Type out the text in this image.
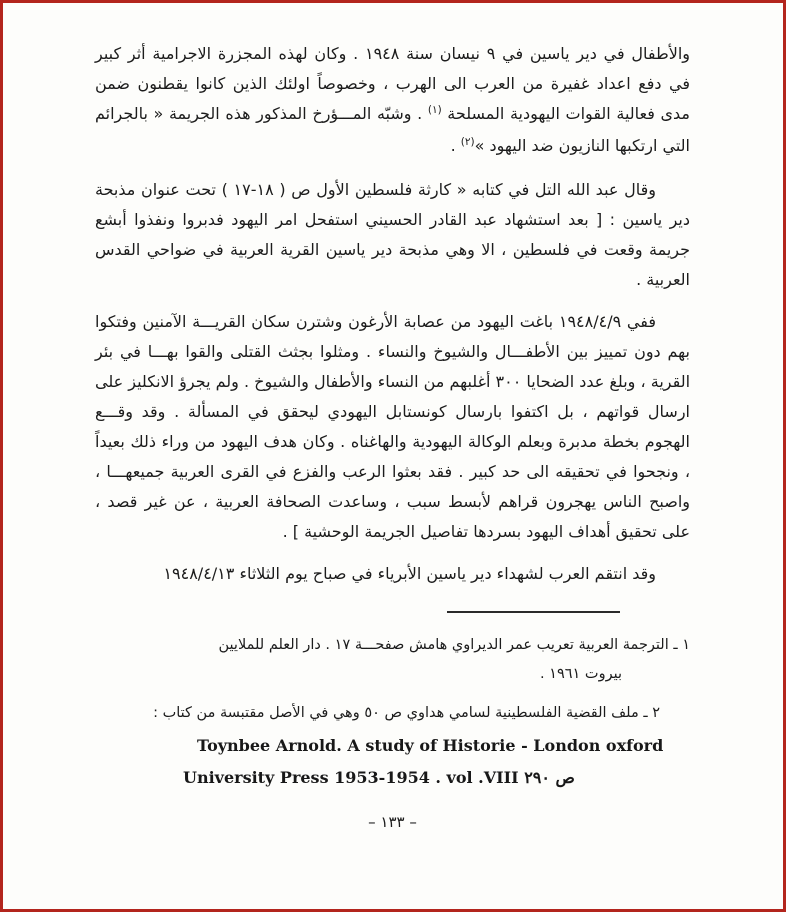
والأطفال في دير ياسين في ٩ نيسان سنة ١٩٤٨ . وكان لهذه المجزرة الاجرامية أثر كبير في دفع اعداد غفيرة من العرب الى الهرب ، وخصوصاً اولئك الذين كانوا يقطنون ضمن مدى فعالية القوات اليهودية المسلحة $^{(١)}$ . وشبّه المـــؤرخ المذكور هذه الجريمة « بالجرائم التي ارتكبها النازيون ضد اليهود »$^{(٢)}$ .

وقال عبد الله التل في كتابه « كارثة فلسطين الأول ص ( ١٨-١٧ ) تحت عنوان مذبحة دير ياسين : [ بعد استشهاد عبد القادر الحسيني استفحل امر اليهود فدبروا ونفذوا أبشع جريمة وقعت في فلسطين ، الا وهي مذبحة دير ياسين القرية العربية في ضواحي القدس العربية .

ففي ١٩٤٨/٤/٩ باغت اليهود من عصابة الأرغون وشترن سكان القريـــة الآمنين وفتكوا بهم دون تمييز بين الأطفـــال والشيوخ والنساء . ومثلوا بجثث القتلى والقوا بهـــا في بئر القرية ، وبلغ عدد الضحايا ٣٠٠ أغلبهم من النساء والأطفال والشيوخ . ولم يجرؤ الانكليز على ارسال قواتهم ، بل اكتفوا بارسال كونستابل اليهودي ليحقق في المسألة . وقد وقـــع الهجوم بخطة مدبرة وبعلم الوكالة اليهودية والهاغناه . وكان هدف اليهود من وراء ذلك بعيداً ، ونجحوا في تحقيقه الى حد كبير . فقد بعثوا الرعب والفزع في القرى العربية جميعهـــا ، واصبح الناس يهجرون قراهم لأبسط سبب ، وساعدت الصحافة العربية ، عن غير قصد ، على تحقيق أهداف اليهود بسردها تفاصيل الجريمة الوحشية ] .

وقد انتقم العرب لشهداء دير ياسين الأبرياء في صباح يوم الثلاثاء ١٩٤٨/٤/١٣

١ ـ الترجمة العربية تعريب عمر الديراوي هامش صفحـــة ١٧ . دار العلم للملايين
بيروت ١٩٦١ .
٢ ـ ملف القضية الفلسطينية لسامي هداوي ص ٥٠ وهي في الأصل مقتبسة من كتاب :
Toynbee Arnold. A study of Historie - London oxford
University Press 1953-1954 . vol .VIII ص ٢٩٠
– ١٣٣ –
